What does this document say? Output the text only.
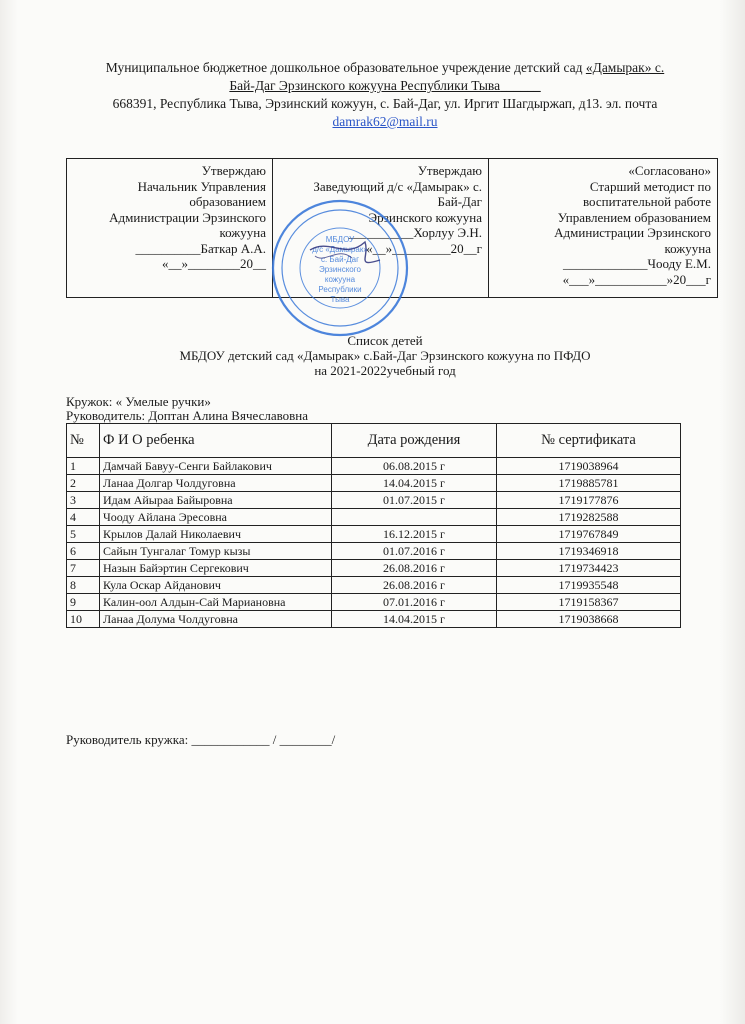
Муниципальное бюджетное дошкольное образовательное учреждение детский сад «Дамырак» с.
Бай-Даг Эрзинского кожууна Республики Тыва______
668391, Республика Тыва, Эрзинский кожуун, с. Бай-Даг, ул. Иргит Шагдыржап, д13. эл. почта
damrak62@mail.ru
Утверждаю
Начальник Управления
образованием
Администрации Эрзинского
кожууна
__________Баткар А.А.
«__»________20__
Утверждаю
Заведующий д/с «Дамырак» с.
Бай-Даг
Эрзинского кожууна
__________Хорлуу Э.Н.
«__»_________20__г
«Согласовано»
Старший методист по
воспитательной работе
Управлением образованием
Администрации Эрзинского
кожууна
_____________Чооду Е.М.
«___»___________»20___г
МБДОУ
д/с «Дамырак»
с. Бай-Даг
Эрзинского
кожууна
Республики
Тыва
Список детей
МБДОУ детский сад «Дамырак» с.Бай-Даг Эрзинского кожууна по ПФДО
на 2021-2022учебный год
Кружок: « Умелые ручки»
Руководитель: Доптан Алина Вячеславовна
№	Ф И О ребенка	Дата рождения	№ сертификата
1	Дамчай Бавуу-Сенги Байлакович	06.08.2015 г	1719038964
2	Ланаа Долгар Чолдуговна	14.04.2015 г	1719885781
3	Идам Айыраа Байыровна	01.07.2015 г	1719177876
4	Чооду Айлана Эресовна		1719282588
5	Крылов Далай Николаевич	16.12.2015 г	1719767849
6	Сайын Тунгалаг Томур кызы	01.07.2016 г	1719346918
7	Назын Байэртин Сергекович	26.08.2016 г	1719734423
8	Кула Оскар Айданович	26.08.2016 г	1719935548
9	Калин-оол Алдын-Сай Мариановна	07.01.2016 г	1719158367
10	Ланаа Долума Чолдуговна	14.04.2015 г	1719038668
Руководитель кружка: ____________ / ________/
